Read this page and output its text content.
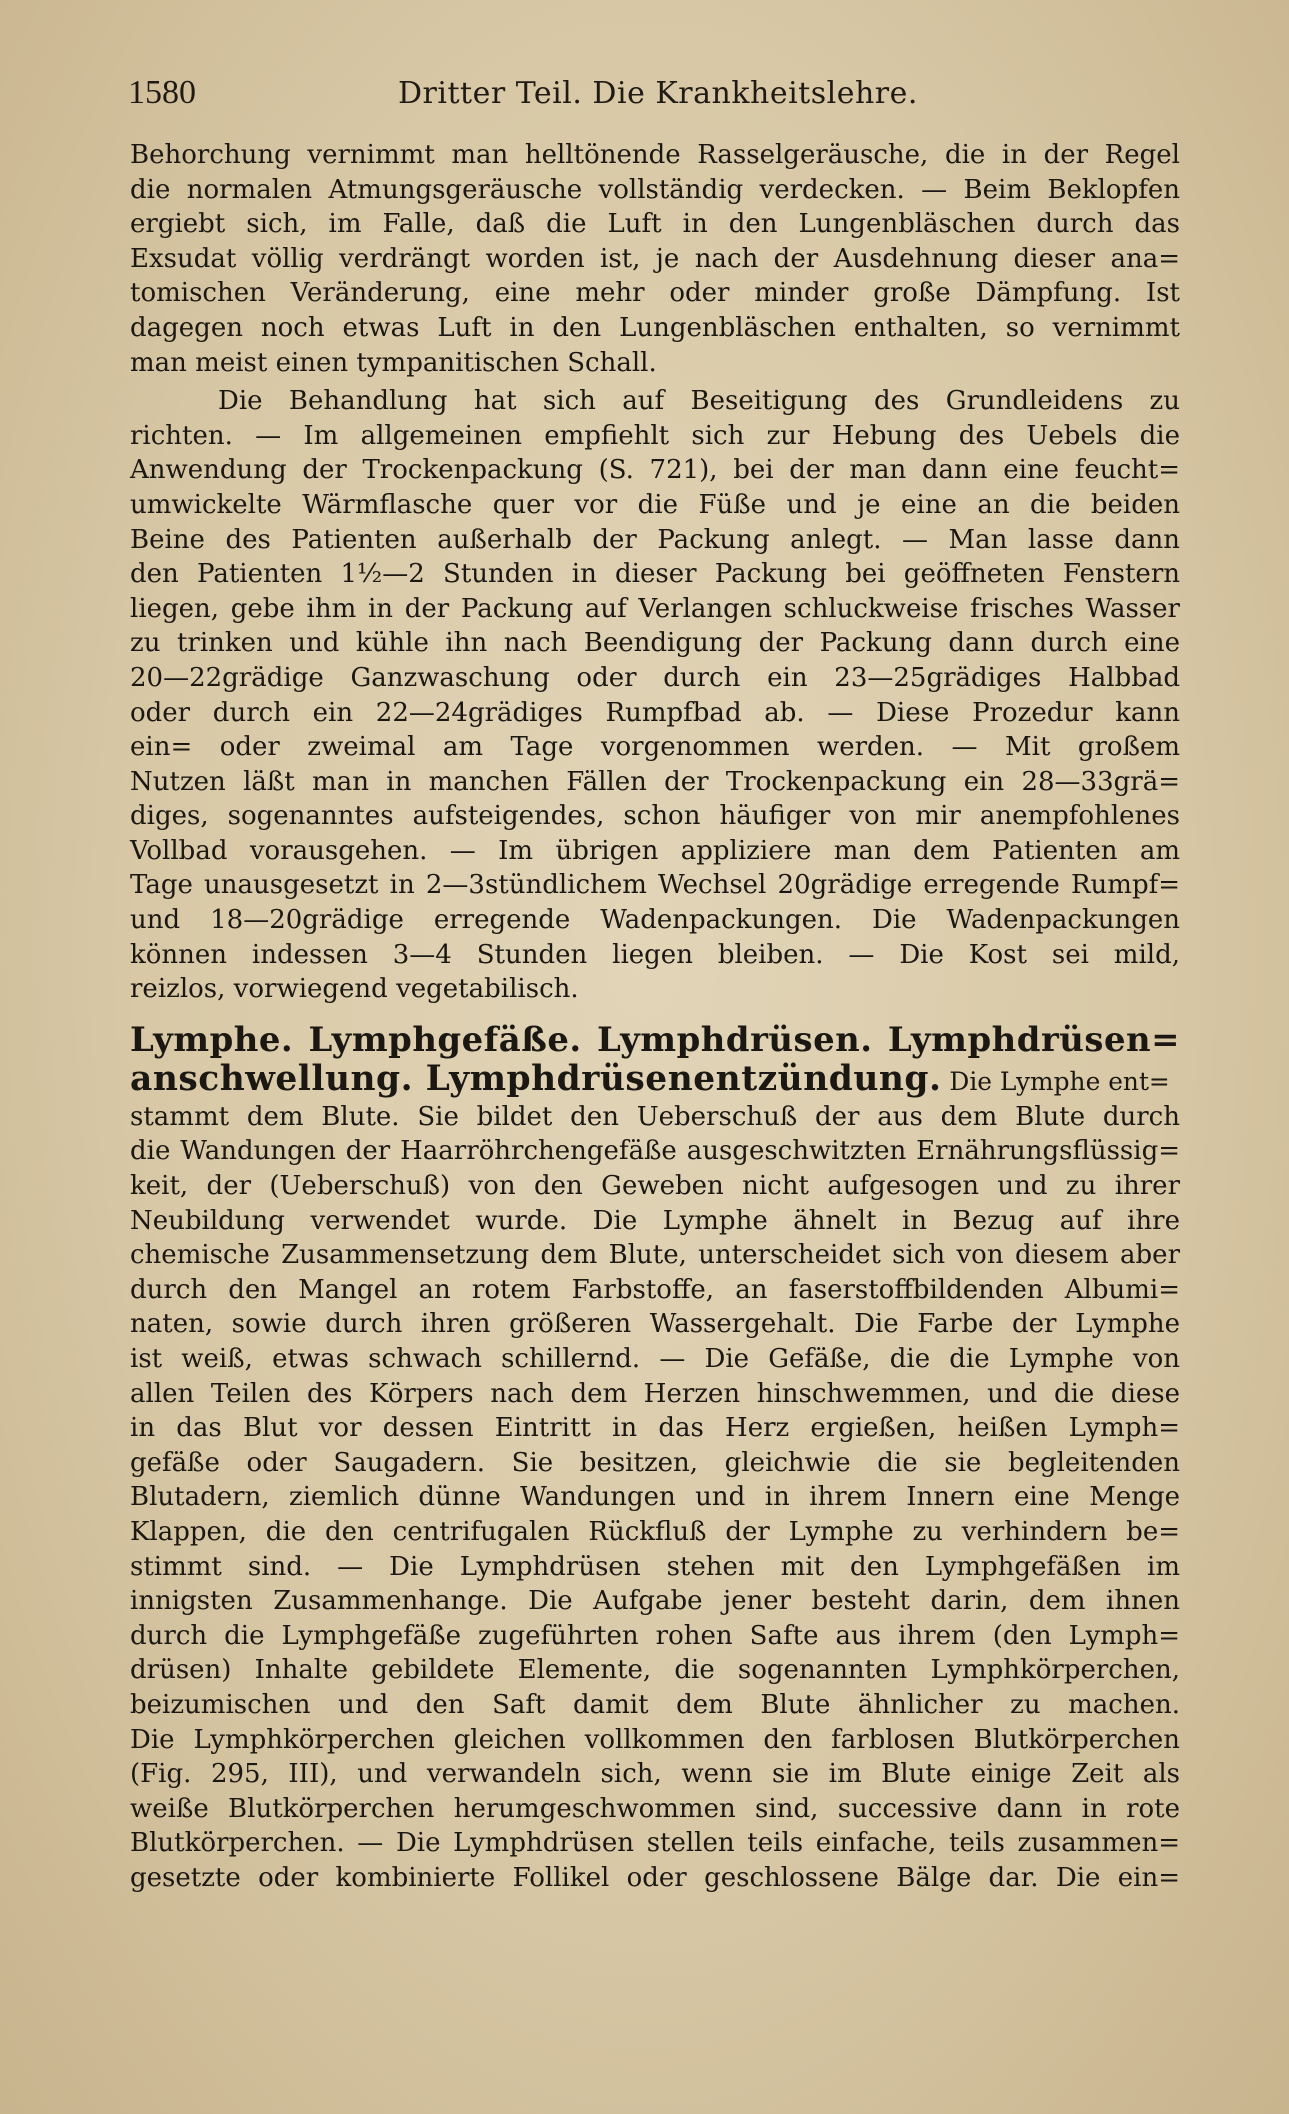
1580	Dritter Teil. Die Krankheitslehre.
Behorchung vernimmt man helltönende Rasselgeräusche, die in der Regel
die normalen Atmungsgeräusche vollständig verdecken. — Beim Beklopfen
ergiebt sich, im Falle, daß die Luft in den Lungenbläschen durch das
Exsudat völlig verdrängt worden ist, je nach der Ausdehnung dieser ana=
tomischen Veränderung, eine mehr oder minder große Dämpfung. Ist
dagegen noch etwas Luft in den Lungenbläschen enthalten, so vernimmt
man meist einen tympanitischen Schall.
Die Behandlung hat sich auf Beseitigung des Grundleidens zu
richten. — Im allgemeinen empfiehlt sich zur Hebung des Uebels die
Anwendung der Trockenpackung (S. 721), bei der man dann eine feucht=
umwickelte Wärmflasche quer vor die Füße und je eine an die beiden
Beine des Patienten außerhalb der Packung anlegt. — Man lasse dann
den Patienten 1½—2 Stunden in dieser Packung bei geöffneten Fenstern
liegen, gebe ihm in der Packung auf Verlangen schluckweise frisches Wasser
zu trinken und kühle ihn nach Beendigung der Packung dann durch eine
20—22grädige Ganzwaschung oder durch ein 23—25grädiges Halbbad
oder durch ein 22—24grädiges Rumpfbad ab. — Diese Prozedur kann
ein= oder zweimal am Tage vorgenommen werden. — Mit großem
Nutzen läßt man in manchen Fällen der Trockenpackung ein 28—33grä=
diges, sogenanntes aufsteigendes, schon häufiger von mir anempfohlenes
Vollbad vorausgehen. — Im übrigen appliziere man dem Patienten am
Tage unausgesetzt in 2—3stündlichem Wechsel 20grädige erregende Rumpf=
und 18—20grädige erregende Wadenpackungen. Die Wadenpackungen
können indessen 3—4 Stunden liegen bleiben. — Die Kost sei mild,
reizlos, vorwiegend vegetabilisch.
Lymphe. Lymphgefäße. Lymphdrüsen. Lymphdrüsen=
anschwellung. Lymphdrüsenentzündung. Die Lymphe ent=
stammt dem Blute. Sie bildet den Ueberschuß der aus dem Blute durch
die Wandungen der Haarröhrchengefäße ausgeschwitzten Ernährungsflüssig=
keit, der (Ueberschuß) von den Geweben nicht aufgesogen und zu ihrer
Neubildung verwendet wurde. Die Lymphe ähnelt in Bezug auf ihre
chemische Zusammensetzung dem Blute, unterscheidet sich von diesem aber
durch den Mangel an rotem Farbstoffe, an faserstoffbildenden Albumi=
naten, sowie durch ihren größeren Wassergehalt. Die Farbe der Lymphe
ist weiß, etwas schwach schillernd. — Die Gefäße, die die Lymphe von
allen Teilen des Körpers nach dem Herzen hinschwemmen, und die diese
in das Blut vor dessen Eintritt in das Herz ergießen, heißen Lymph=
gefäße oder Saugadern. Sie besitzen, gleichwie die sie begleitenden
Blutadern, ziemlich dünne Wandungen und in ihrem Innern eine Menge
Klappen, die den centrifugalen Rückfluß der Lymphe zu verhindern be=
stimmt sind. — Die Lymphdrüsen stehen mit den Lymphgefäßen im
innigsten Zusammenhange. Die Aufgabe jener besteht darin, dem ihnen
durch die Lymphgefäße zugeführten rohen Safte aus ihrem (den Lymph=
drüsen) Inhalte gebildete Elemente, die sogenannten Lymphkörperchen,
beizumischen und den Saft damit dem Blute ähnlicher zu machen.
Die Lymphkörperchen gleichen vollkommen den farblosen Blutkörperchen
(Fig. 295, III), und verwandeln sich, wenn sie im Blute einige Zeit als
weiße Blutkörperchen herumgeschwommen sind, successive dann in rote
Blutkörperchen. — Die Lymphdrüsen stellen teils einfache, teils zusammen=
gesetzte oder kombinierte Follikel oder geschlossene Bälge dar. Die ein=
